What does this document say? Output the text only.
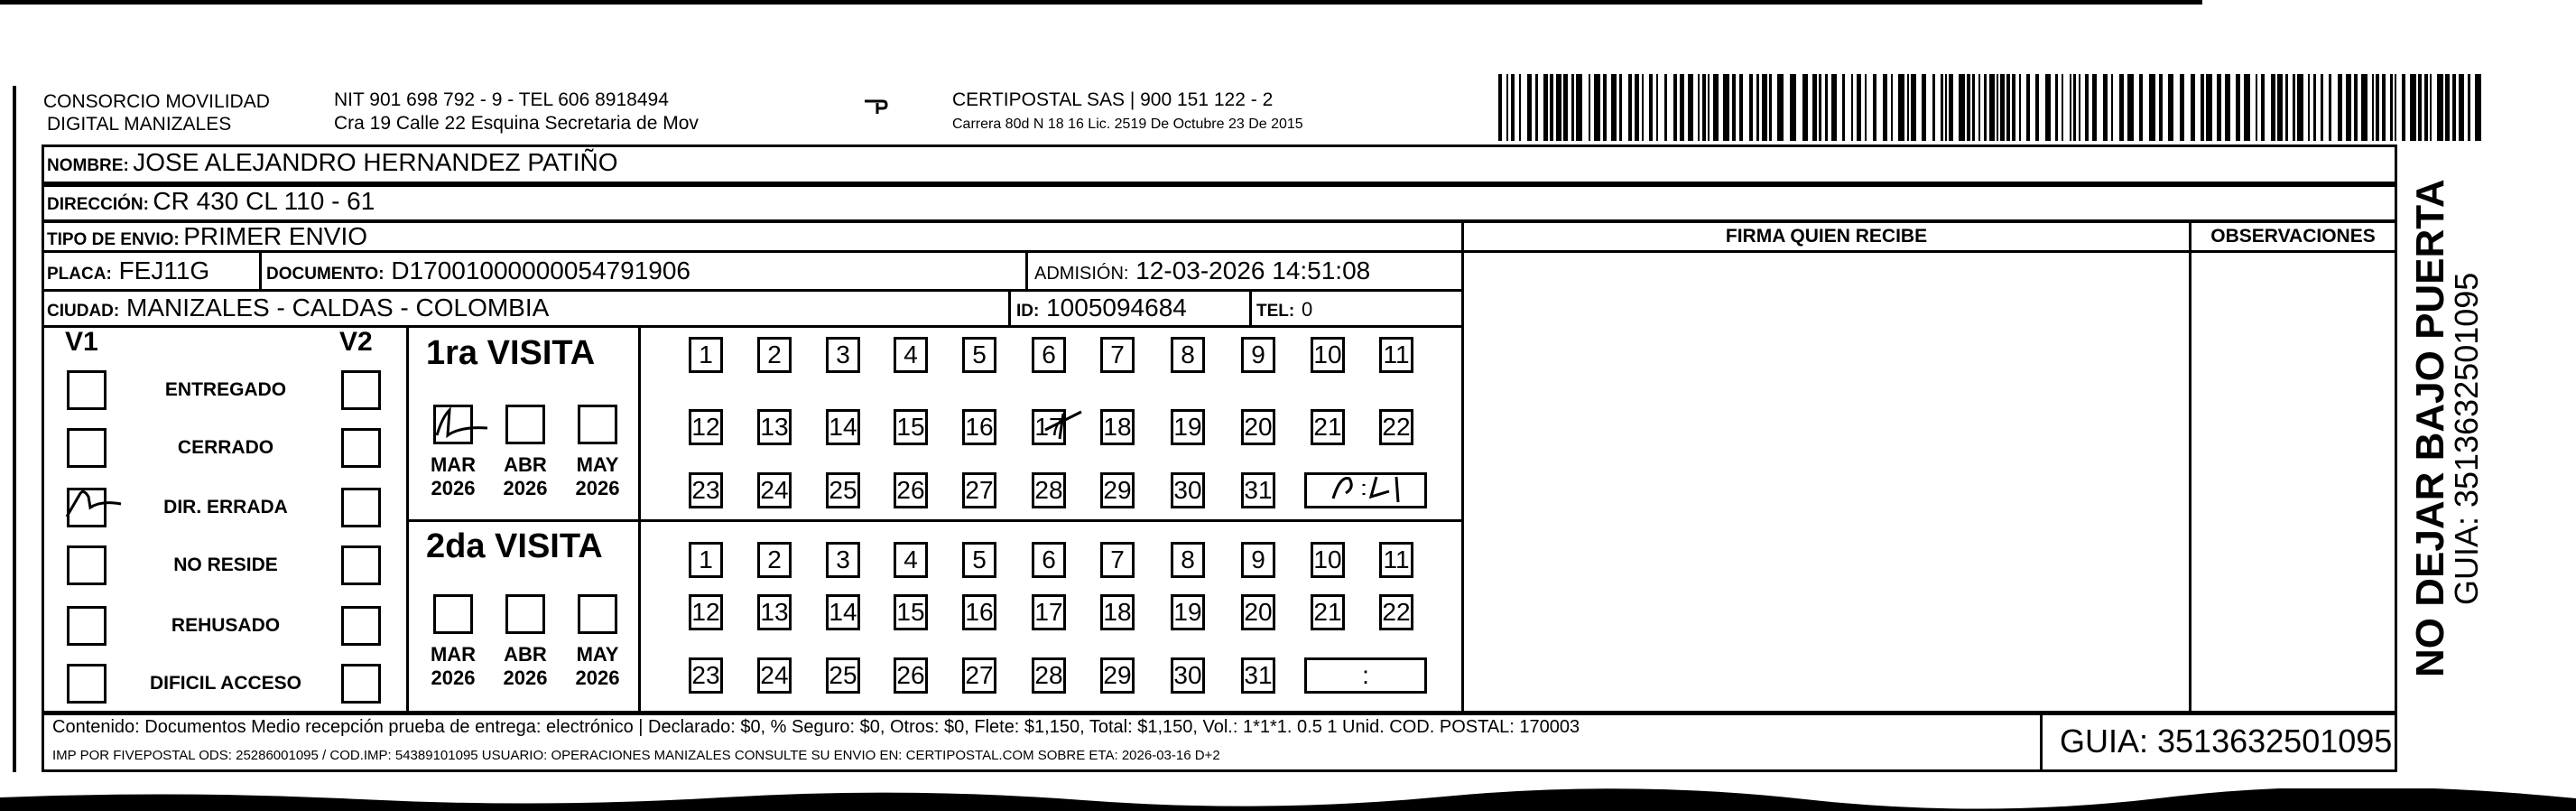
CONSORCIO MOVILIDAD
DIGITAL MANIZALES
NIT 901 698 792 - 9 - TEL 606 8918494
Cra 19 Calle 22 Esquina Secretaria de Mov
CERTIPOSTAL SAS | 900 151 122 - 2
Carrera 80d N 18 16 Lic. 2519 De Octubre 23 De 2015
NOMBRE: JOSE ALEJANDRO HERNANDEZ PATIÑO
DIRECCIÓN: CR 430 CL 110 - 61
TIPO DE ENVIO: PRIMER ENVIO	FIRMA QUIEN RECIBE	OBSERVACIONES
PLACA: FEJ11G	DOCUMENTO: D17001000000054791906	ADMISIÓN: 12-03-2026 14:51:08
CIUDAD: MANIZALES - CALDAS - COLOMBIA	ID: 1005094684	TEL: 0
V1	V2
ENTREGADO
CERRADO
DIR. ERRADA
NO RESIDE
REHUSADO
DIFICIL ACCESO
1ra VISITA
2da VISITA
MAR
2026
ABR
2026
MAY
2026
MAR
2026
ABR
2026
MAY
2026
1	2	3	4	5	6	7	8	9	10 11
12 13 14 15 16 17 18 19 20 21 22
23 24 25 26 27 28 29 30 31
1	2	3	4	5	6	7	8	9	10 11
12 13 14 15 16 17 18 19 20 21 22
23 24 25 26 27 28 29 30 31	:
Contenido: Documentos Medio recepción prueba de entrega: electrónico | Declarado: $0, % Seguro: $0, Otros: $0, Flete: $1,150, Total: $1,150, Vol.: 1*1*1. 0.5 1 Unid. COD. POSTAL: 170003
IMP POR FIVEPOSTAL ODS: 25286001095 / COD.IMP: 54389101095 USUARIO: OPERACIONES MANIZALES CONSULTE SU ENVIO EN: CERTIPOSTAL.COM SOBRE ETA: 2026-03-16 D+2	GUIA: 3513632501095
NO DEJAR BAJO PUERTA
GUIA: 3513632501095
